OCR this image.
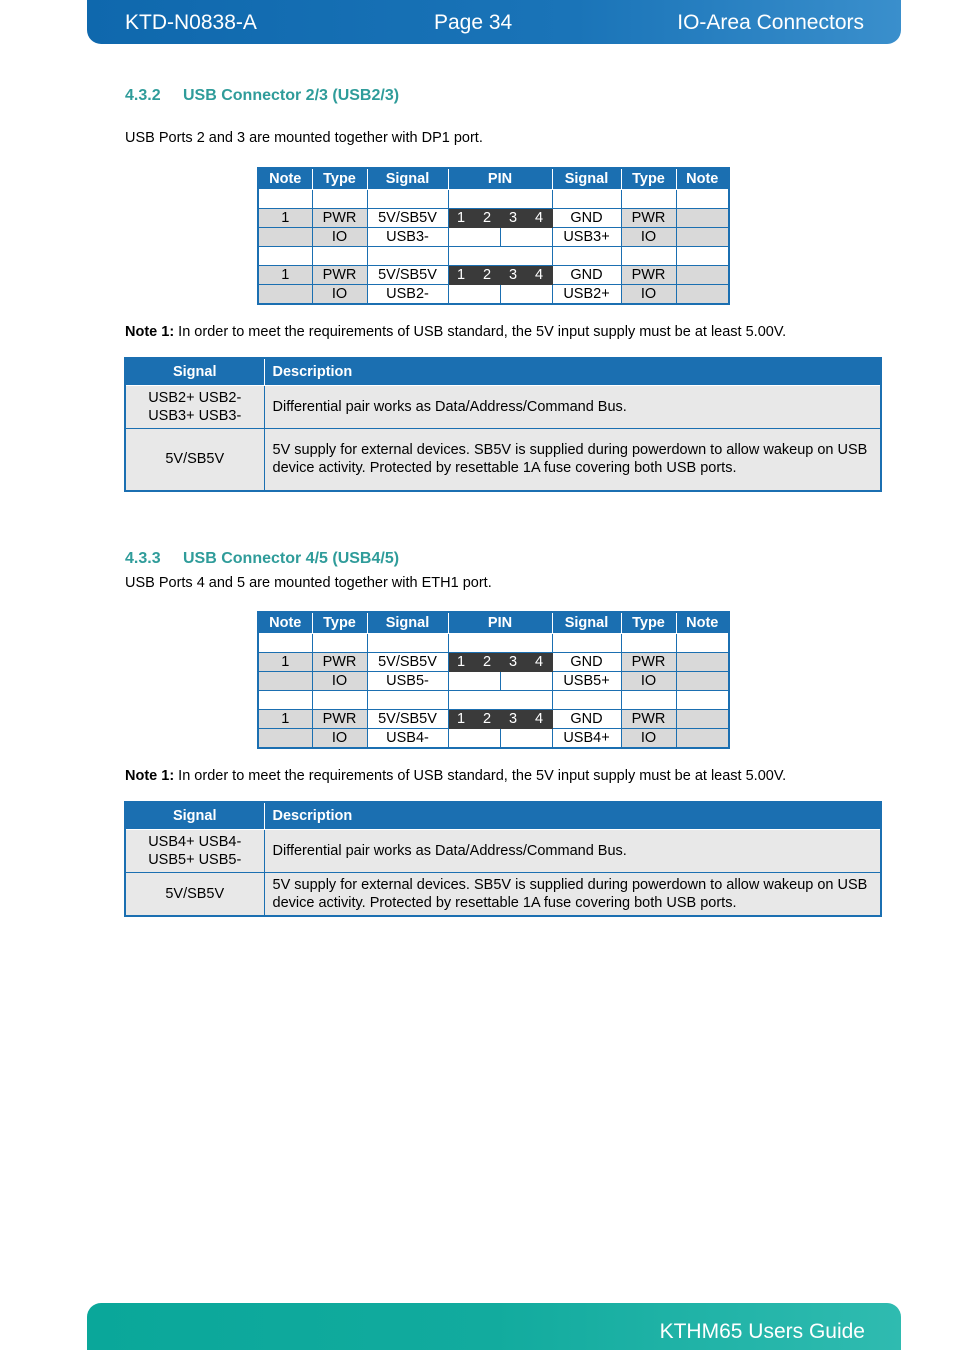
KTD-N0838-A	Page 34	IO-Area Connectors
4.3.2 USB Connector 2/3 (USB2/3)
USB Ports 2 and 3 are mounted together with DP1 port.
Note	Type	Signal	PIN				Signal	Type	Note

1	PWR	5V/SB5V	1	2	3	4	GND	PWR	
	IO	USB3-					USB3+	IO	

1	PWR	5V/SB5V	1	2	3	4	GND	PWR	
	IO	USB2-					USB2+	IO	
Note 1: In order to meet the requirements of USB standard, the 5V input supply must be at least 5.00V.
Signal	Description
USB2+ USB2-
USB3+ USB3-	Differential pair works as Data/Address/Command Bus.
5V/SB5V	5V supply for external devices. SB5V is supplied during powerdown to allow wakeup on USB device activity. Protected by resettable 1A fuse covering both USB ports.
4.3.3 USB Connector 4/5 (USB4/5)
USB Ports 4 and 5 are mounted together with ETH1 port.
Note	Type	Signal	PIN				Signal	Type	Note

1	PWR	5V/SB5V	1	2	3	4	GND	PWR	
	IO	USB5-					USB5+	IO	

1	PWR	5V/SB5V	1	2	3	4	GND	PWR	
	IO	USB4-					USB4+	IO	
Note 1: In order to meet the requirements of USB standard, the 5V input supply must be at least 5.00V.
Signal	Description
USB4+ USB4-
USB5+ USB5-	Differential pair works as Data/Address/Command Bus.
5V/SB5V	5V supply for external devices. SB5V is supplied during powerdown to allow wakeup on USB device activity. Protected by resettable 1A fuse covering both USB ports.
KTHM65 Users Guide
